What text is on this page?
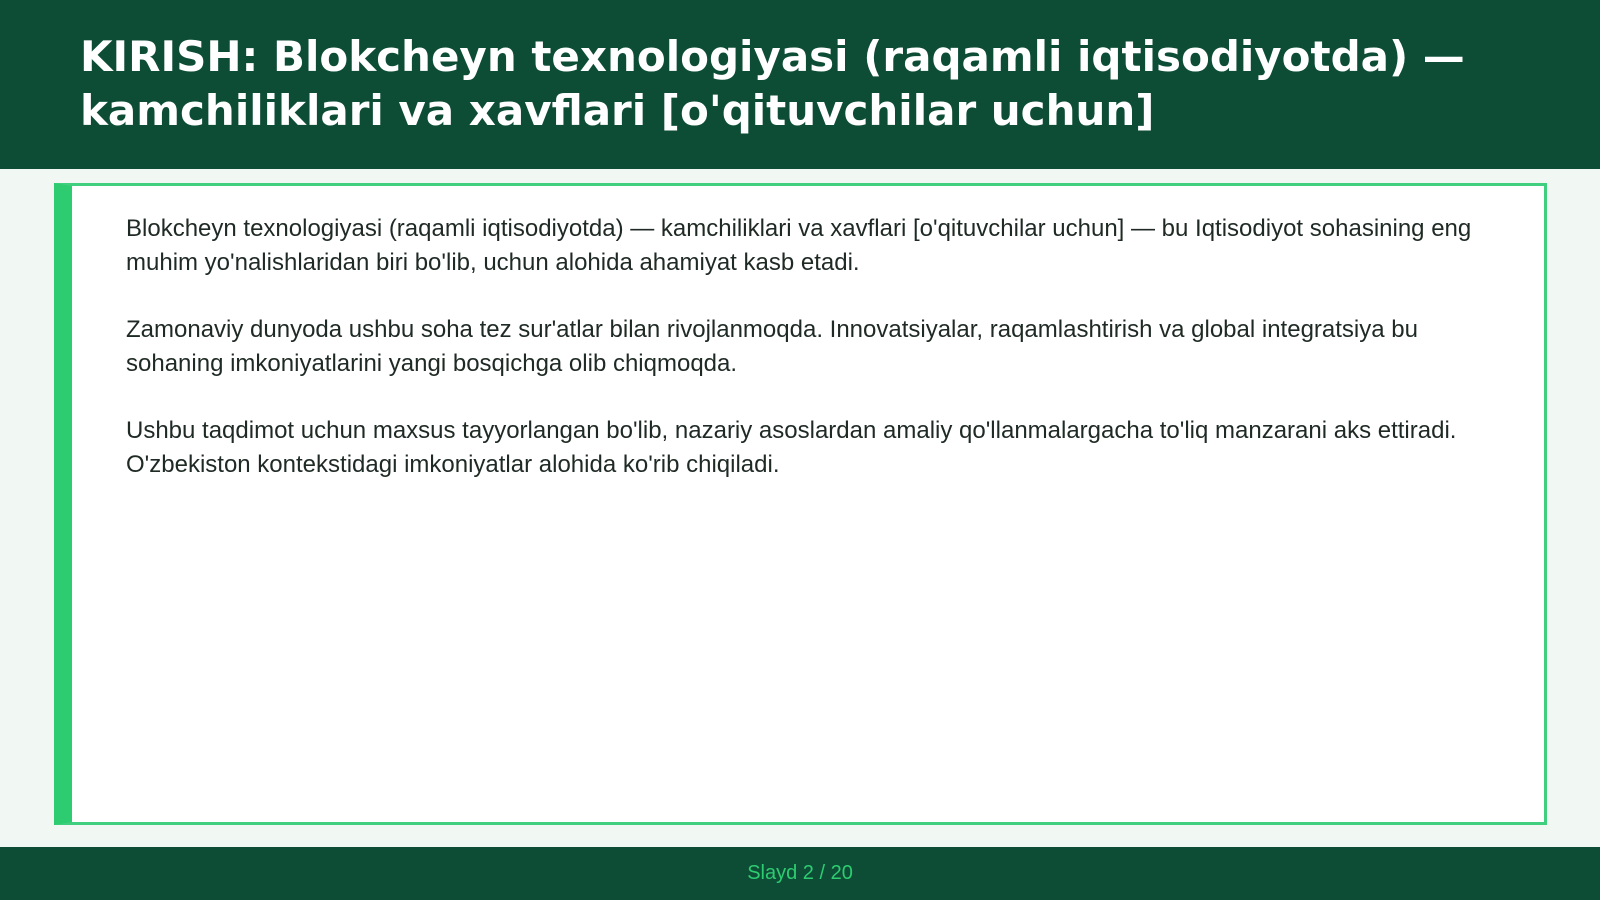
KIRISH: Blokcheyn texnologiyasi (raqamli iqtisodiyotda) —
kamchiliklari va xavflari [o'qituvchilar uchun]

Blokcheyn texnologiyasi (raqamli iqtisodiyotda) — kamchiliklari va xavflari [o'qituvchilar uchun] — bu Iqtisodiyot sohasining eng muhim yo'nalishlaridan biri bo'lib, uchun alohida ahamiyat kasb etadi.

Zamonaviy dunyoda ushbu soha tez sur'atlar bilan rivojlanmoqda. Innovatsiyalar, raqamlashtirish va global integratsiya bu sohaning imkoniyatlarini yangi bosqichga olib chiqmoqda.

Ushbu taqdimot uchun maxsus tayyorlangan bo'lib, nazariy asoslardan amaliy qo'llanmalargacha to'liq manzarani aks ettiradi. O'zbekiston kontekstidagi imkoniyatlar alohida ko'rib chiqiladi.

Slayd 2 / 20
